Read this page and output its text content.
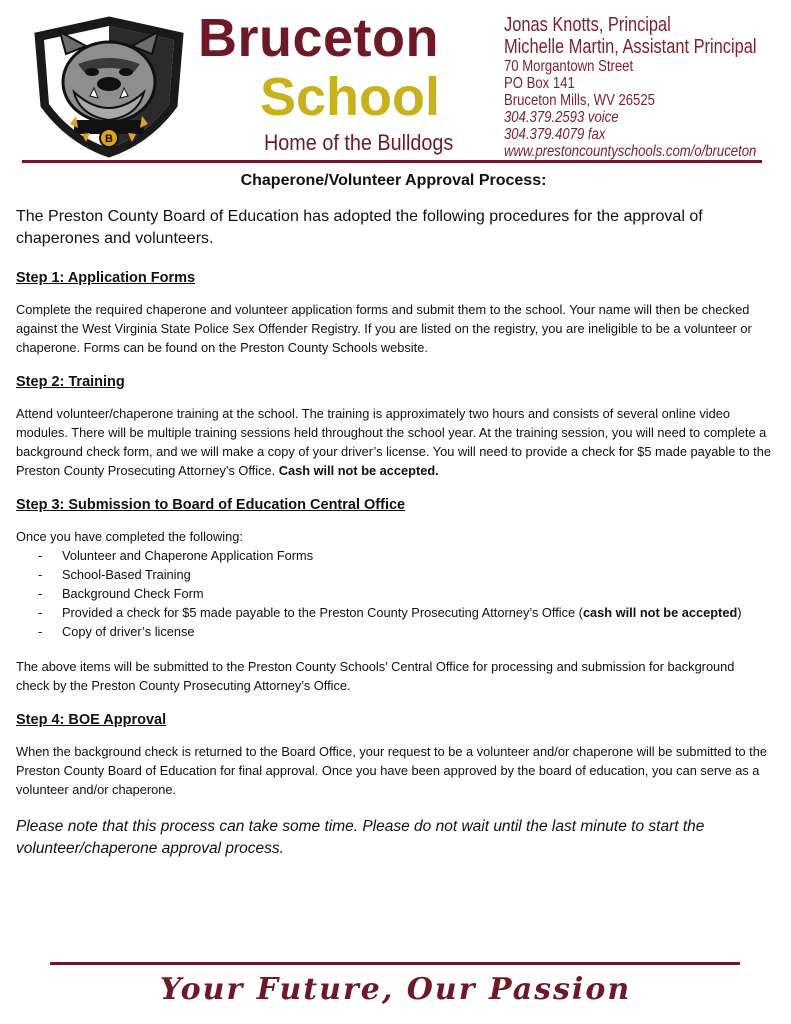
B
Bruceton
School
Home of the Bulldogs
Jonas Knotts, Principal
Michelle Martin, Assistant Principal
70 Morgantown Street
PO Box 141
Bruceton Mills, WV 26525
304.379.2593 voice
304.379.4079 fax
www.prestoncountyschools.com/o/bruceton
Chaperone/Volunteer Approval Process:

The Preston County Board of Education has adopted the following procedures for the approval of chaperones and volunteers.

Step 1: Application Forms

Complete the required chaperone and volunteer application forms and submit them to the school. Your name will then be checked against the West Virginia State Police Sex Offender Registry. If you are listed on the registry, you are ineligible to be a volunteer or chaperone. Forms can be found on the Preston County Schools website.

Step 2: Training

Attend volunteer/chaperone training at the school. The training is approximately two hours and consists of several online video modules. There will be multiple training sessions held throughout the school year. At the training session, you will need to complete a background check form, and we will make a copy of your driver’s license. You will need to provide a check for $5 made payable to the Preston County Prosecuting Attorney’s Office. Cash will not be accepted.

Step 3: Submission to Board of Education Central Office

Once you have completed the following:

- Volunteer and Chaperone Application Forms
- School-Based Training
- Background Check Form
- Provided a check for $5 made payable to the Preston County Prosecuting Attorney’s Office (cash will not be accepted)
- Copy of driver’s license

The above items will be submitted to the Preston County Schools’ Central Office for processing and submission for background check by the Preston County Prosecuting Attorney’s Office.

Step 4: BOE Approval

When the background check is returned to the Board Office, your request to be a volunteer and/or chaperone will be submitted to the Preston County Board of Education for final approval. Once you have been approved by the board of education, you can serve as a volunteer and/or chaperone.

Please note that this process can take some time. Please do not wait until the last minute to start the volunteer/chaperone approval process.

Your Future, Our Passion
